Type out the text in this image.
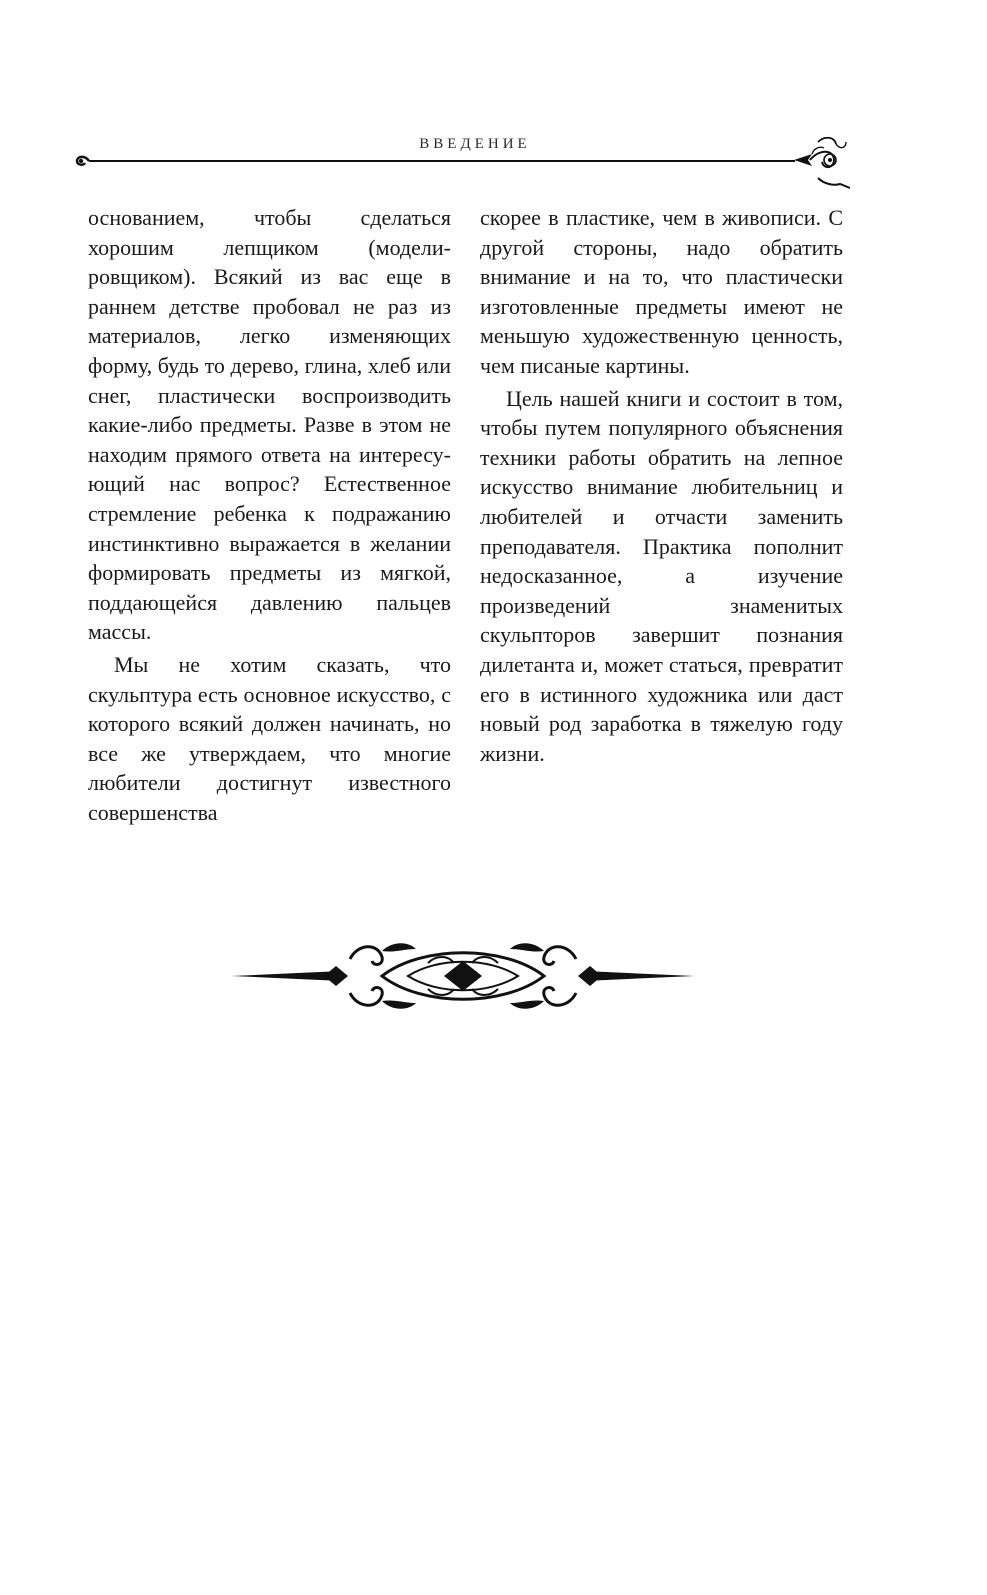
ВВЕДЕНИЕ

основанием, чтобы сделаться хорошим лепщиком (моделировщиком). Всякий из вас еще в раннем детстве пробовал не раз из материалов, легко изменяющих форму, будь то дерево, глина, хлеб или снег, пластически воспроизводить какие-либо предметы. Разве в этом не находим прямого ответа на интересующий нас вопрос? Естественное стремление ребенка к подражанию инстинктивно выражается в желании формировать предметы из мягкой, поддающейся давлению пальцев массы.

Мы не хотим сказать, что скульптура есть основное искусство, с которого всякий должен начинать, но все же утверждаем, что многие любители достигнут известного совершенства

скорее в пластике, чем в живописи. С другой стороны, надо обратить внимание и на то, что пластически изготовленные предметы имеют не меньшую художественную ценность, чем писаные картины.

Цель нашей книги и состоит в том, чтобы путем популярного объяснения техники работы обратить на лепное искусство внимание любительниц и любителей и отчасти заменить преподавателя. Практика пополнит недосказанное, а изучение произведений знаменитых скульпторов завершит познания дилетанта и, может статься, превратит его в истинного художника или даст новый род заработка в тяжелую году жизни.
